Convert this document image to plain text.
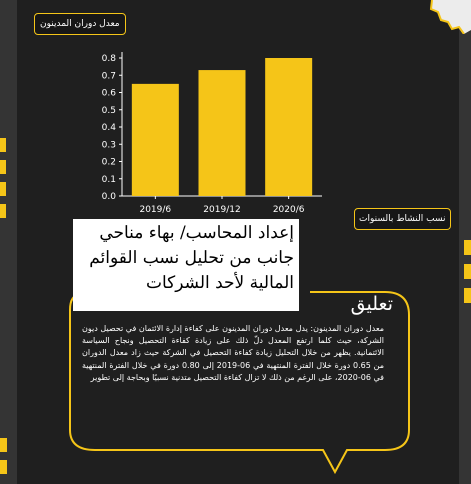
معدل دوران المدينون
0.0
0.1
0.2
0.3
0.4
0.5
0.6
0.7
0.8
2019/6	2019/12	2020/6
نسب النشاط بالسنوات
إعداد المحاسب/ بهاء مناحي جانب من تحليل نسب القوائم المالية لأحد الشركات
تعليق
معدل دوران المدينون: يدل معدل دوران المدينون على كفاءة إدارة الائتمان في تحصيل ديون الشركة، حيث كلما ارتفع المعدل دلّ ذلك على زيادة كفاءة التحصيل ونجاح السياسة الائتمانية. يظهر من خلال التحليل زيادة كفاءة التحصيل في الشركة حيث زاد معدل الدوران من 0.65 دورة خلال الفترة المنتهية في 06-2019 إلى 0.80 دورة في خلال الفترة المنتهية في 06-2020، على الرغم من ذلك لا تزال كفاءة التحصيل متدنية نسبيًا وبحاجة إلى تطوير
